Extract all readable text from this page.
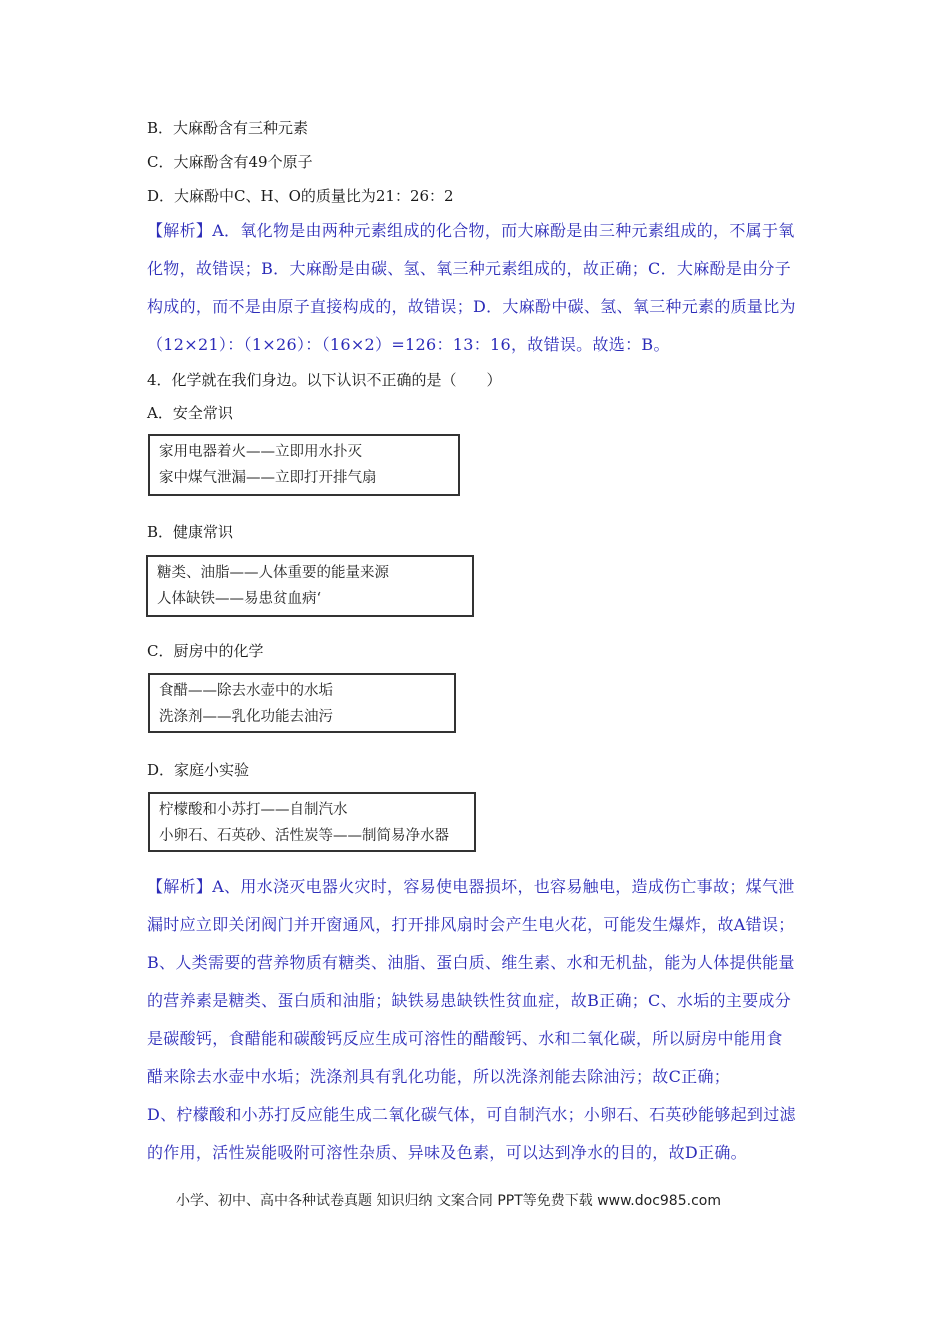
B．大麻酚含有三种元素
C．大麻酚含有49个原子
D．大麻酚中C、H、O的质量比为21：26：2
【解析】A．氧化物是由两种元素组成的化合物，而大麻酚是由三种元素组成的，不属于氧
化物，故错误；B．大麻酚是由碳、氢、氧三种元素组成的，故正确；C．大麻酚是由分子
构成的，而不是由原子直接构成的，故错误；D．大麻酚中碳、氢、氧三种元素的质量比为
（12×21）：（1×26）：（16×2）=126：13：16，故错误。故选：B。
4．化学就在我们身边。以下认识不正确的是（　　）
A．安全常识
家用电器着火——立即用水扑灭
家中煤气泄漏——立即打开排气扇
B．健康常识
糖类、油脂——人体重要的能量来源
人体缺铁——易患贫血病‘
C．厨房中的化学
食醋——除去水壶中的水垢
洗涤剂——乳化功能去油污
D．家庭小实验
柠檬酸和小苏打——自制汽水
小卵石、石英砂、活性炭等——制简易净水器
【解析】A、用水浇灭电器火灾时，容易使电器损坏，也容易触电，造成伤亡事故；煤气泄
漏时应立即关闭阀门并开窗通风，打开排风扇时会产生电火花，可能发生爆炸，故A错误；
B、人类需要的营养物质有糖类、油脂、蛋白质、维生素、水和无机盐，能为人体提供能量
的营养素是糖类、蛋白质和油脂；缺铁易患缺铁性贫血症，故B正确；C、水垢的主要成分
是碳酸钙，食醋能和碳酸钙反应生成可溶性的醋酸钙、水和二氧化碳，所以厨房中能用食
醋来除去水壶中水垢；洗涤剂具有乳化功能，所以洗涤剂能去除油污；故C正确；
D、柠檬酸和小苏打反应能生成二氧化碳气体，可自制汽水；小卵石、石英砂能够起到过滤
的作用，活性炭能吸附可溶性杂质、异味及色素，可以达到净水的目的，故D正确。
小学、初中、高中各种试卷真题 知识归纳 文案合同 PPT等免费下载 www.doc985.com
